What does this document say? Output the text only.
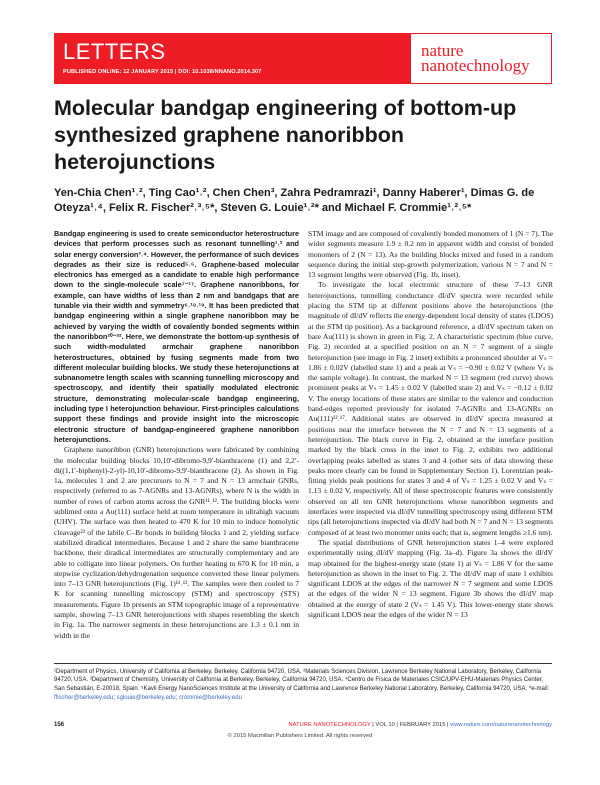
LETTERS
PUBLISHED ONLINE: 12 JANUARY 2015 | DOI: 10.1038/NNANO.2014.307
nature
nanotechnology
Molecular bandgap engineering of bottom-up synthesized graphene nanoribbon heterojunctions
Yen-Chia Chen¹˒², Ting Cao¹˒², Chen Chen³, Zahra Pedramrazi¹, Danny Haberer¹, Dimas G. de Oteyza¹˒⁴, Felix R. Fischer²˒³˒⁵*, Steven G. Louie¹˒²* and Michael F. Crommie¹˒²˒⁵*

Bandgap engineering is used to create semiconductor heterostructure devices that perform processes such as resonant tunnelling¹˒² and solar energy conversion³˒⁴. However, the performance of such devices degrades as their size is reduced⁵˒⁶. Graphene-based molecular electronics has emerged as a candidate to enable high performance down to the single-molecule scale⁷⁻¹⁷. Graphene nanoribbons, for example, can have widths of less than 2 nm and bandgaps that are tunable via their width and symmetry⁶˒¹⁸˒¹⁹. It has been predicted that bandgap engineering within a single graphene nanoribbon may be achieved by varying the width of covalently bonded segments within the nanoribbon²⁰⁻²². Here, we demonstrate the bottom-up synthesis of such width-modulated armchair graphene nanoribbon heterostructures, obtained by fusing segments made from two different molecular building blocks. We study these heterojunctions at subnanometre length scales with scanning tunnelling microscopy and spectroscopy, and identify their spatially modulated electronic structure, demonstrating molecular-scale bandgap engineering, including type I heterojunction behaviour. First-principles calculations support these findings and provide insight into the microscopic electronic structure of bandgap-engineered graphene nanoribbon heterojunctions.

Graphene nanoribbon (GNR) heterojunctions were fabricated by combining the molecular building blocks 10,10′-dibromo-9,9′-bianthracene (1) and 2,2′-di((1,1′-biphenyl)-2-yl)-10,10′-dibromo-9,9′-bianthracene (2). As shown in Fig. 1a, molecules 1 and 2 are precursors to N = 7 and N = 13 armchair GNRs, respectively (referred to as 7-AGNRs and 13-AGNRs), where N is the width in number of rows of carbon atoms across the GNR¹¹˒¹². The building blocks were sublimed onto a Au(111) surface held at room temperature in ultrahigh vacuum (UHV). The surface was then heated to 470 K for 10 min to induce homolytic cleavage²³ of the labile C–Br bonds in building blocks 1 and 2, yielding surface stabilized diradical intermediates. Because 1 and 2 share the same bianthracene backbone, their diradical intermediates are structurally complementary and are able to colligate into linear polymers. On further heating to 670 K for 10 min, a stepwise cyclization/dehydrogenation sequence converted these linear polymers into 7–13 GNR heterojunctions (Fig. 1)¹¹˒¹². The samples were then cooled to 7 K for scanning tunnelling microscopy (STM) and spectroscopy (STS) measurements. Figure 1b presents an STM topographic image of a representative sample, showing 7–13 GNR heterojunctions with shapes resembling the sketch in Fig. 1a. The narrower segments in these heterojunctions are 1.3 ± 0.1 nm in width in the

STM image and are composed of covalently bonded monomers of 1 (N = 7). The wider segments measure 1.9 ± 0.2 nm in apparent width and consist of bonded monomers of 2 (N = 13). As the building blocks mixed and fused in a random sequence during the initial step-growth polymerization, various N = 7 and N = 13 segment lengths were observed (Fig. 1b, inset).

To investigate the local electronic structure of these 7–13 GNR heterojunctions, tunnelling conductance dI/dV spectra were recorded while placing the STM tip at different positions above the heterojunctions (the magnitude of dI/dV reflects the energy-dependent local density of states (LDOS) at the STM tip position). As a background reference, a dI/dV spectrum taken on bare Au(111) is shown in green in Fig. 2. A characteristic spectrum (blue curve, Fig. 2) recorded at a specified position on an N = 7 segment of a single heterojunction (see image in Fig. 2 inset) exhibits a pronounced shoulder at Vₛ = 1.86 ± 0.02V (labelled state 1) and a peak at Vₛ = −0.90 ± 0.02 V (where Vₛ is the sample voltage). In contrast, the marked N = 13 segment (red curve) shows prominent peaks at Vₛ = 1.45 ± 0.02 V (labelled state 2) and Vₛ = −0.12 ± 0.02 V. The energy locations of these states are similar to the valence and conduction band-edges reported previously for isolated 7-AGNRs and 13-AGNRs on Au(111)¹²˒¹⁷. Additional states are observed in dI/dV spectra measured at positions near the interface between the N = 7 and N = 13 segments of a heterojunction. The black curve in Fig. 2, obtained at the interface position marked by the black cross in the inset to Fig. 2, exhibits two additional overlapping peaks labelled as states 3 and 4 (other sets of data showing these peaks more clearly can be found in Supplementary Section 1). Lorentzian peak-fitting yields peak positions for states 3 and 4 of Vₛ = 1.25 ± 0.02 V and Vₛ = 1.13 ± 0.02 V, respectively. All of these spectroscopic features were consistently observed on all ten GNR heterojunctions whose nanoribbon segments and interfaces were inspected via dI/dV tunnelling spectroscopy using different STM tips (all heterojunctions inspected via dI/dV had both N = 7 and N = 13 segments composed of at least two monomer units each; that is, segment lengths ≥1.6 nm).

The spatial distributions of GNR heterojunction states 1–4 were explored experimentally using dI/dV mapping (Fig. 3a–d). Figure 3a shows the dI/dV map obtained for the highest-energy state (state 1) at Vₛ = 1.86 V for the same heterojunction as shown in the inset to Fig. 2. The dI/dV map of state 1 exhibits significant LDOS at the edges of the narrower N = 7 segment and some LDOS at the edges of the wider N = 13 segment. Figure 3b shows the dI/dV map obtained at the energy of state 2 (Vₛ = 1.45 V). This lower-energy state shows significant LDOS near the edges of the wider N = 13

¹Department of Physics, University of California at Berkeley, Berkeley, California 94720, USA. ²Materials Sciences Division, Lawrence Berkeley National Laboratory, Berkeley, California 94720, USA. ³Department of Chemistry, University of California at Berkeley, Berkeley, California 94720, USA. ⁴Centro de Física de Materiales CSIC/UPV-EHU-Materials Physics Center, San Sebastián, E-20018, Spain. ⁵Kavli Energy NanoSciences Institute at the University of California and Lawrence Berkeley National Laboratory, Berkeley, California 94720, USA. *e-mail: ffischer@berkeley.edu; sglouie@berkeley.edu; crommie@berkeley.edu
156	NATURE NANOTECHNOLOGY | VOL 10 | FEBRUARY 2015 | www.nature.com/naturenanotechnology
© 2015 Macmillan Publishers Limited. All rights reserved
